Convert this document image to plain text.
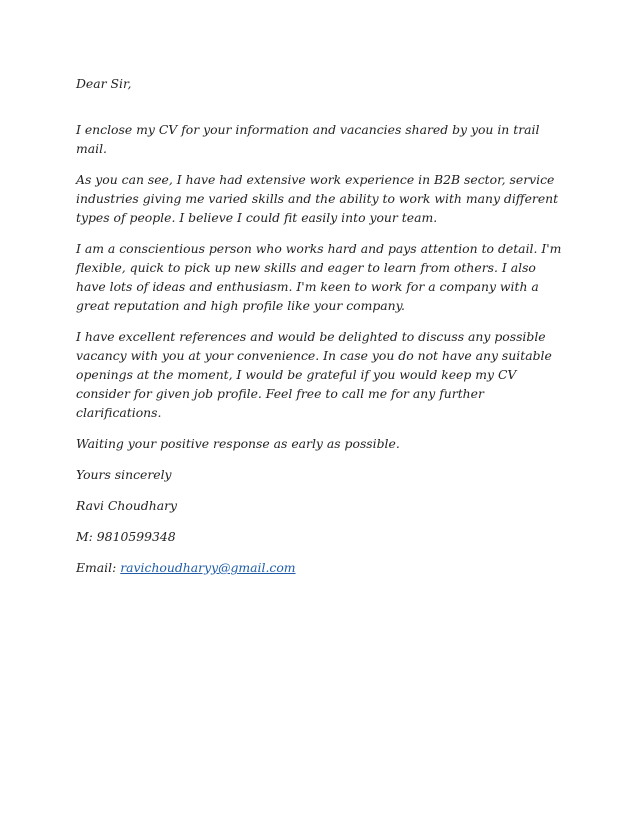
Dear Sir,

I enclose my CV for your information and vacancies shared by you in trail mail.

As you can see, I have had extensive work experience in B2B sector, service industries giving me varied skills and the ability to work with many different types of people. I believe I could fit easily into your team.

I am a conscientious person who works hard and pays attention to detail. I'm flexible, quick to pick up new skills and eager to learn from others. I also have lots of ideas and enthusiasm. I'm keen to work for a company with a great reputation and high profile like your company.

I have excellent references and would be delighted to discuss any possible vacancy with you at your convenience. In case you do not have any suitable openings at the moment, I would be grateful if you would keep my CV consider for given job profile. Feel free to call me for any further clarifications.

Waiting your positive response as early as possible.

Yours sincerely

Ravi Choudhary

M: 9810599348

Email: ravichoudharyy@gmail.com
